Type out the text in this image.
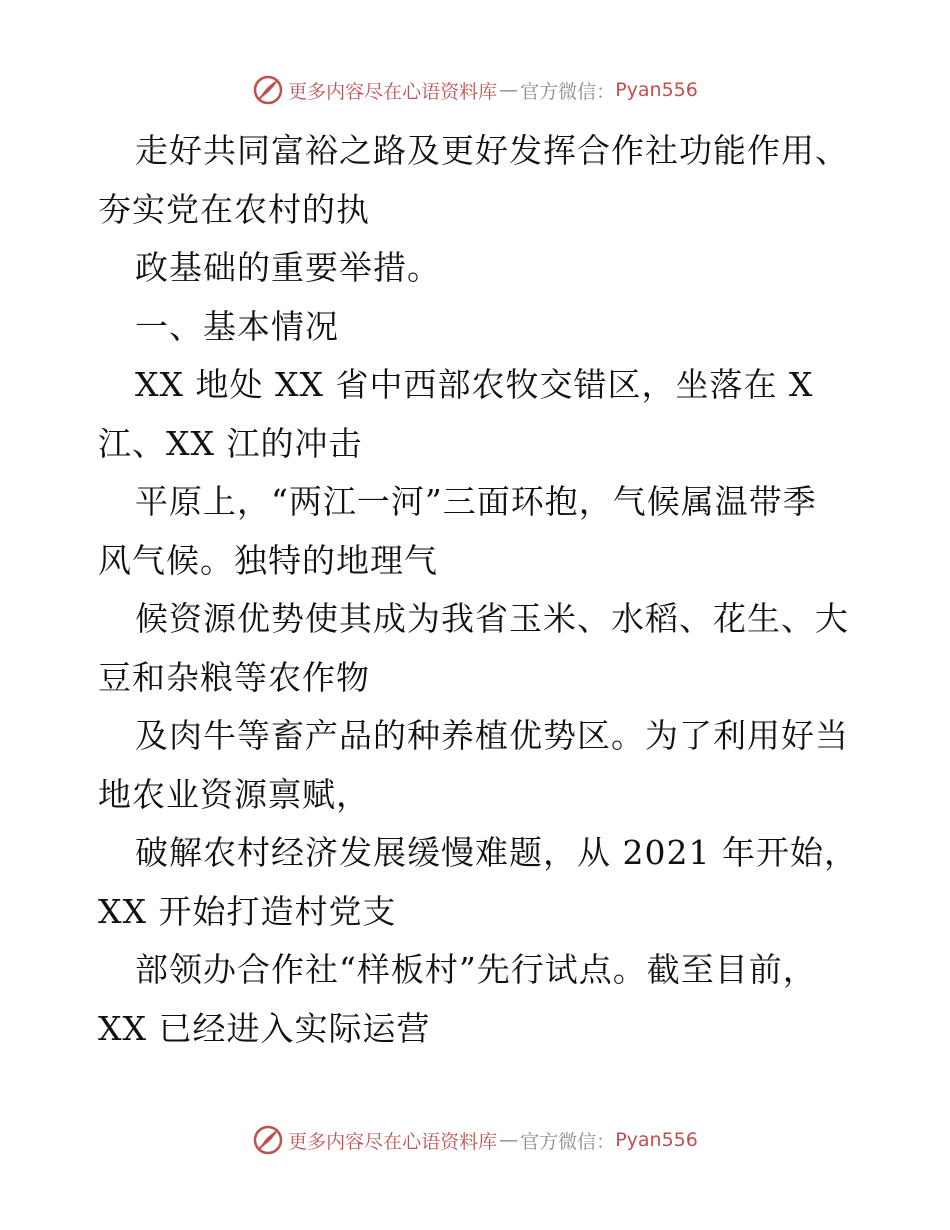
更多内容尽在心语资料库 — 官方微信： Pyan556
走好共同富裕之路及更好发挥合作社功能作用、
夯实党在农村的执
政基础的重要举措。
一、基本情况
XX 地处 XX 省中西部农牧交错区，坐落在 X
江、XX 江的冲击
平原上，“两江一河”三面环抱，气候属温带季
风气候。独特的地理气
候资源优势使其成为我省玉米、水稻、花生、大
豆和杂粮等农作物
及肉牛等畜产品的种养植优势区。为了利用好当
地农业资源禀赋，
破解农村经济发展缓慢难题，从 2021 年开始，
XX 开始打造村党支
部领办合作社“样板村”先行试点。截至目前，
XX 已经进入实际运营
更多内容尽在心语资料库 — 官方微信： Pyan556
